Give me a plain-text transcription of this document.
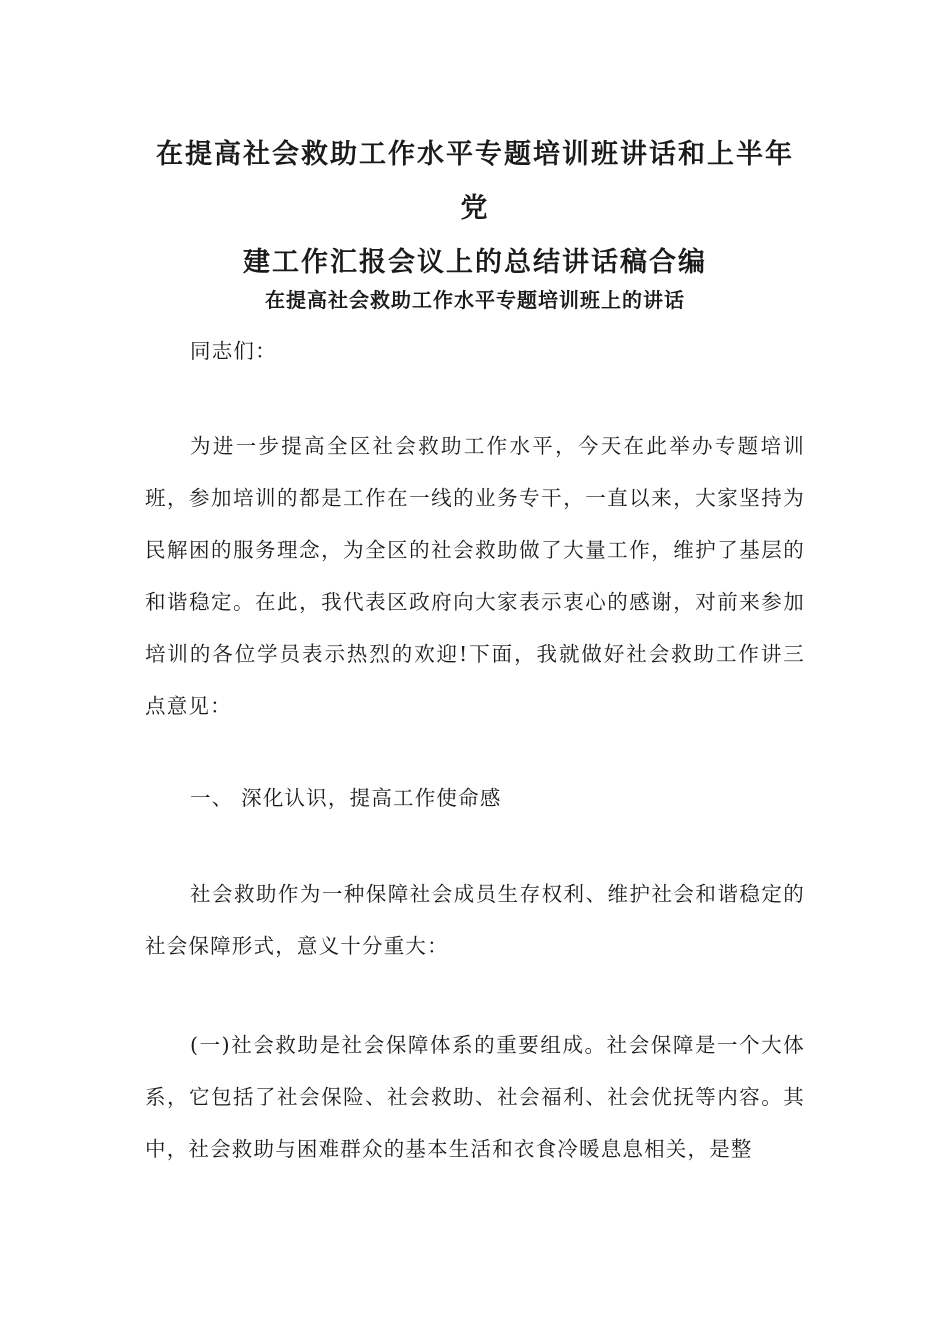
在提高社会救助工作水平专题培训班讲话和上半年党
建工作汇报会议上的总结讲话稿合编
在提高社会救助工作水平专题培训班上的讲话

同志们：

为进一步提高全区社会救助工作水平，今天在此举办专题培训班，参加培训的都是工作在一线的业务专干，一直以来，大家坚持为民解困的服务理念，为全区的社会救助做了大量工作，维护了基层的和谐稳定。在此，我代表区政府向大家表示衷心的感谢，对前来参加培训的各位学员表示热烈的欢迎!下面，我就做好社会救助工作讲三点意见：

一、 深化认识，提高工作使命感

社会救助作为一种保障社会成员生存权利、维护社会和谐稳定的社会保障形式，意义十分重大：

(一)社会救助是社会保障体系的重要组成。社会保障是一个大体系，它包括了社会保险、社会救助、社会福利、社会优抚等内容。其中，社会救助与困难群众的基本生活和衣食冷暖息息相关，是整
